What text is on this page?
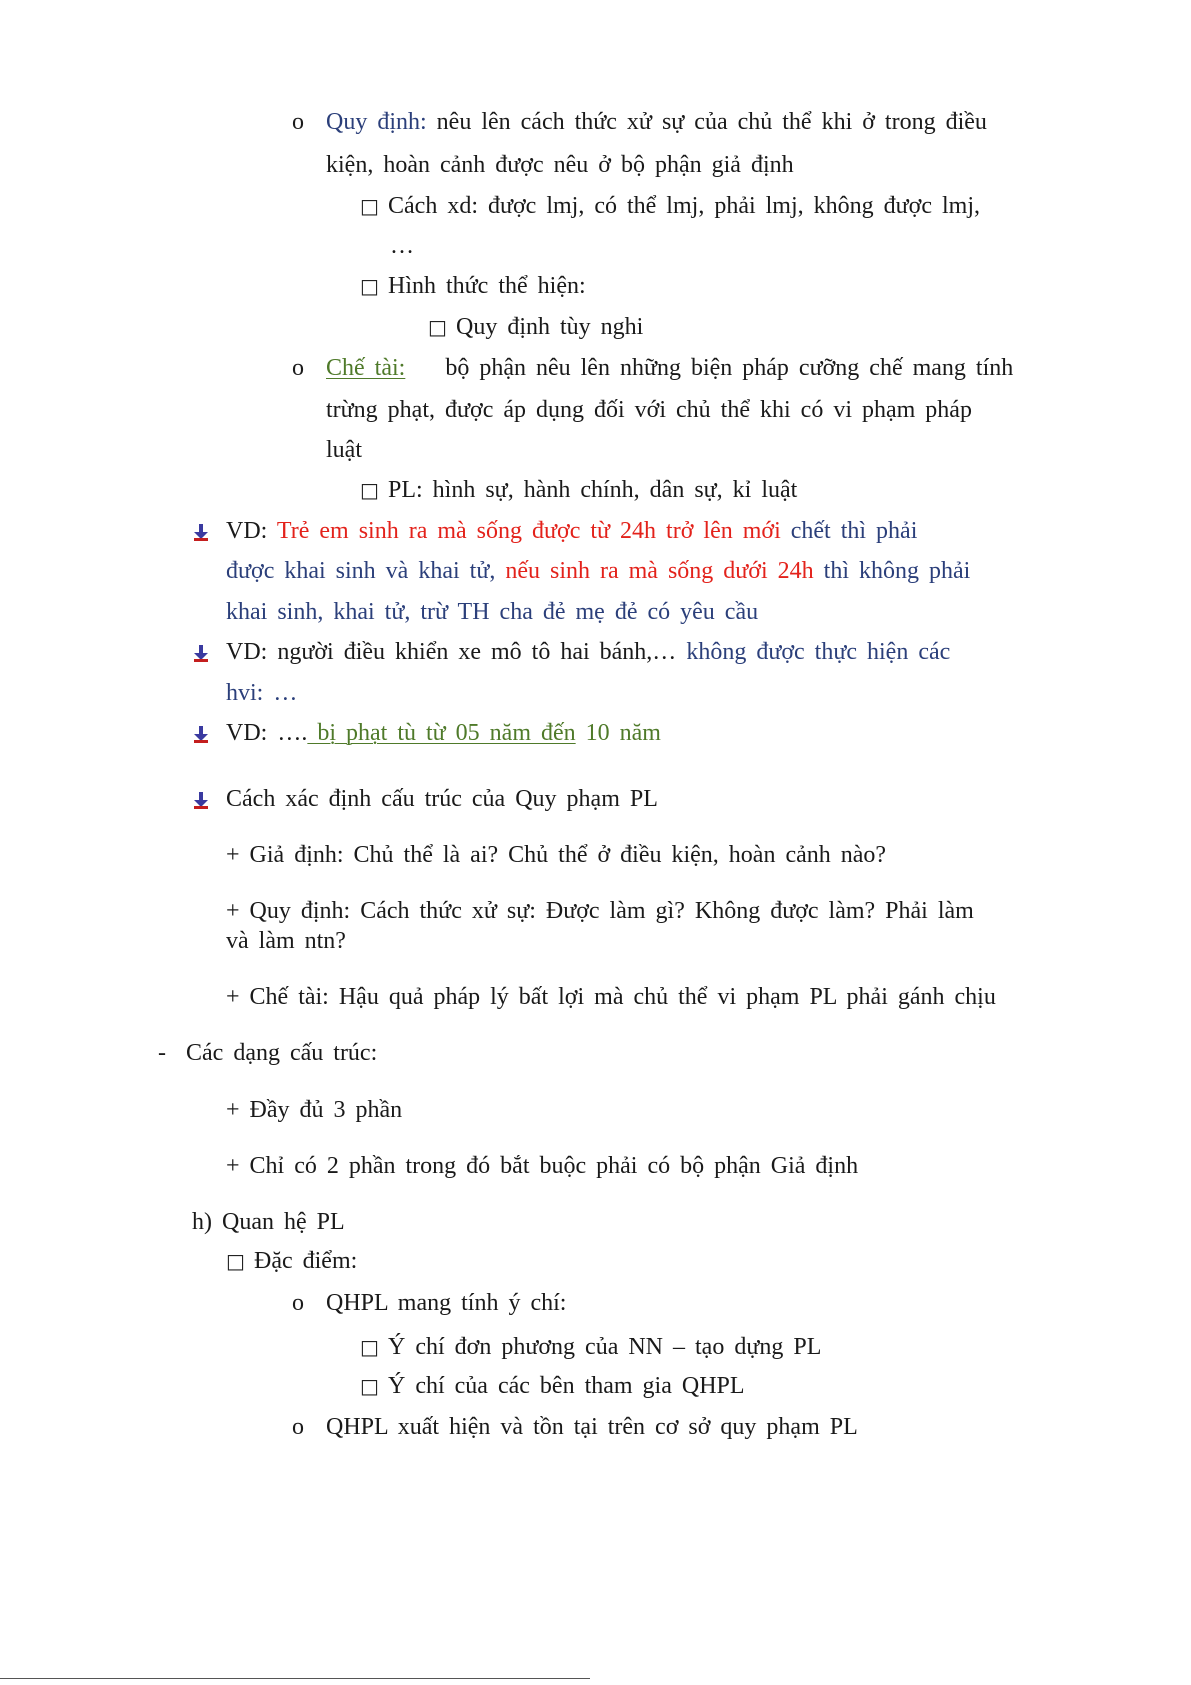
o Quy định: nêu lên cách thức xử sự của chủ thể khi ở trong điều
kiện, hoàn cảnh được nêu ở bộ phận giả định
□ Cách xd: được lmj, có thể lmj, phải lmj, không được lmj,
…
□ Hình thức thể hiện:
□ Quy định tùy nghi
o Chế tài: bộ phận nêu lên những biện pháp cưỡng chế mang tính
trừng phạt, được áp dụng đối với chủ thể khi có vi phạm pháp
luật
□ PL: hình sự, hành chính, dân sự, kỉ luật
VD: Trẻ em sinh ra mà sống được từ 24h trở lên mới chết thì phải
được khai sinh và khai tử, nếu sinh ra mà sống dưới 24h thì không phải
khai sinh, khai tử, trừ TH cha đẻ mẹ đẻ có yêu cầu
VD: người điều khiển xe mô tô hai bánh,… không được thực hiện các
hvi: …
VD: …. bị phạt tù từ 05 năm đến 10 năm
Cách xác định cấu trúc của Quy phạm PL
+ Giả định: Chủ thể là ai? Chủ thể ở điều kiện, hoàn cảnh nào?
+ Quy định: Cách thức xử sự: Được làm gì? Không được làm? Phải làm
và làm ntn?
+ Chế tài: Hậu quả pháp lý bất lợi mà chủ thể vi phạm PL phải gánh chịu
- Các dạng cấu trúc:
+ Đầy đủ 3 phần
+ Chỉ có 2 phần trong đó bắt buộc phải có bộ phận Giả định
h) Quan hệ PL
□ Đặc điểm:
o QHPL mang tính ý chí:
□ Ý chí đơn phương của NN – tạo dựng PL
□ Ý chí của các bên tham gia QHPL
o QHPL xuất hiện và tồn tại trên cơ sở quy phạm PL
